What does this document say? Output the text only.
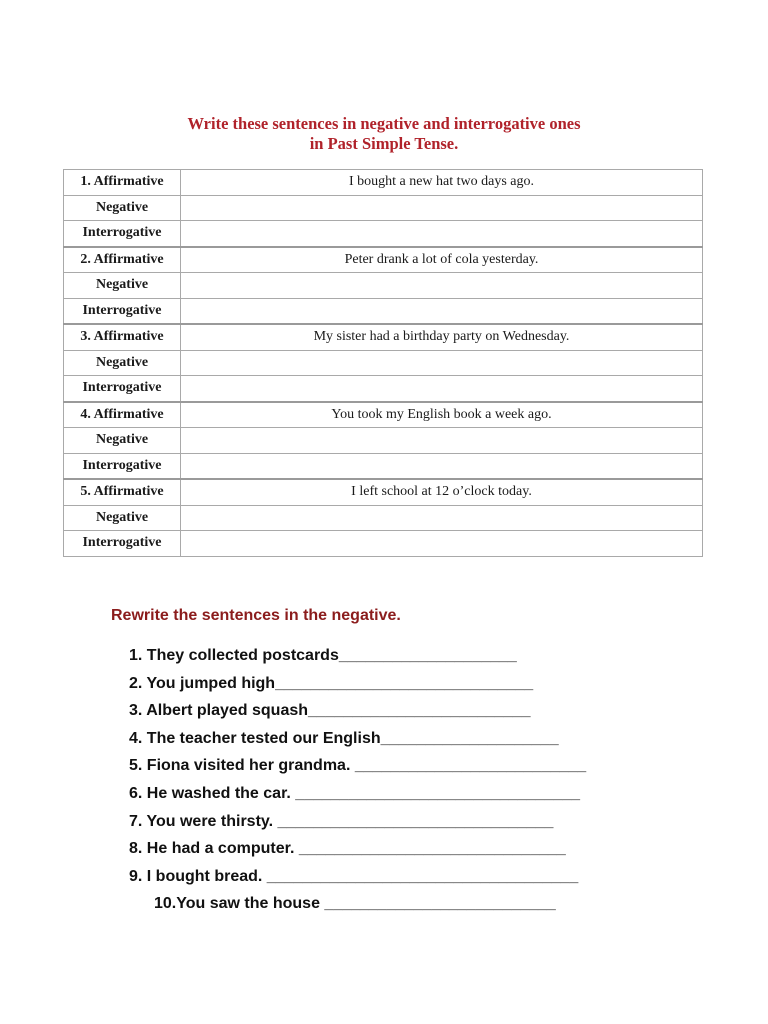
Write these sentences in negative and interrogative ones
in Past Simple Tense.
1. Affirmative	I bought a new hat two days ago.
Negative	
Interrogative	
2. Affirmative	Peter drank a lot of cola yesterday.
Negative	
Interrogative	
3. Affirmative	My sister had a birthday party on Wednesday.
Negative	
Interrogative	
4. Affirmative	You took my English book a week ago.
Negative	
Interrogative	
5. Affirmative	I left school at 12 o’clock today.
Negative	
Interrogative	
Rewrite the sentences in the negative.
1. They collected postcards____________________
2. You jumped high_____________________________
3. Albert played squash_________________________
4. The teacher tested our English____________________
5. Fiona visited her grandma. __________________________
6. He washed the car. ________________________________
7. You were thirsty. _______________________________
8. He had a computer. ______________________________
9. I bought bread. ___________________________________
10.You saw the house __________________________
